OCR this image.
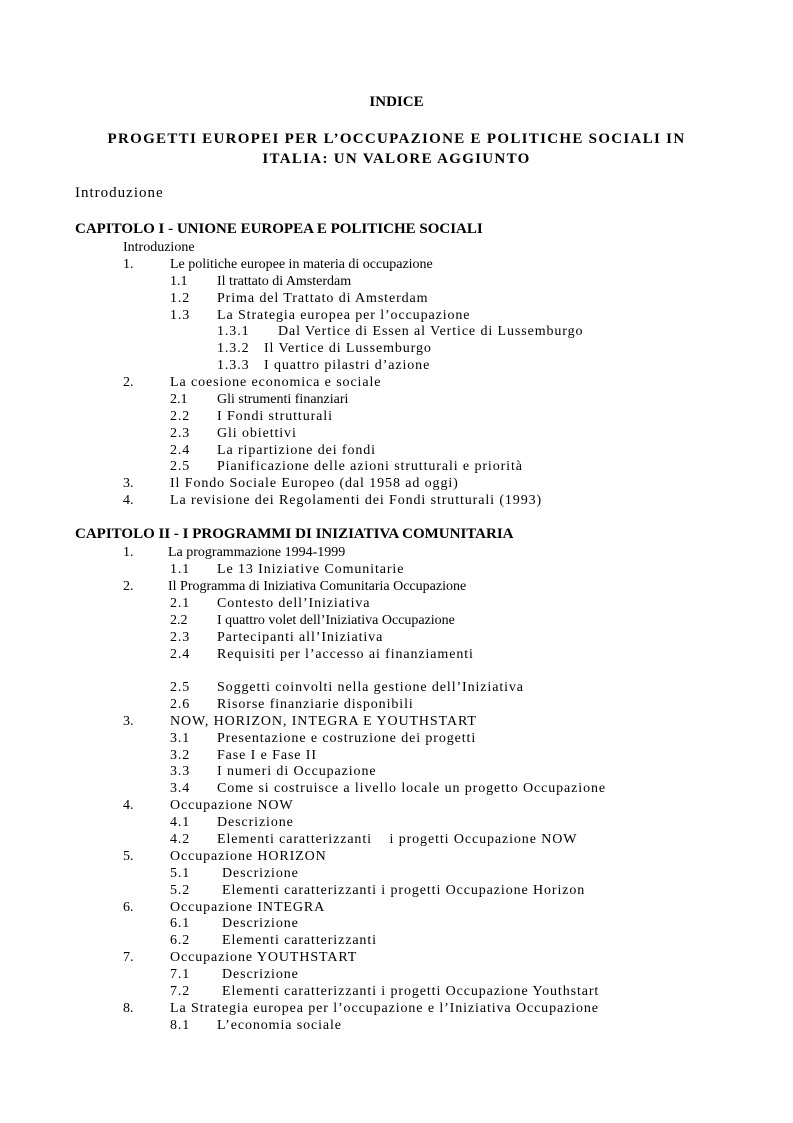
INDICE
PROGETTI EUROPEI PER L’OCCUPAZIONE E POLITICHE SOCIALI IN
ITALIA: UN VALORE AGGIUNTO
Introduzione
CAPITOLO I - UNIONE EUROPEA E POLITICHE SOCIALI
Introduzione
1.	Le politiche europee in materia di occupazione
1.1 Il trattato di Amsterdam
1.2 Prima del Trattato di Amsterdam
1.3 La Strategia europea per l’occupazione
1.3.1 Dal Vertice di Essen al Vertice di Lussemburgo
1.3.2 Il Vertice di Lussemburgo
1.3.3 I quattro pilastri d’azione
2.	La coesione economica e sociale
2.1 Gli strumenti finanziari
2.2 I Fondi strutturali
2.3 Gli obiettivi
2.4 La ripartizione dei fondi
2.5 Pianificazione delle azioni strutturali e priorità
3.	Il Fondo Sociale Europeo (dal 1958 ad oggi)
4.	La revisione dei Regolamenti dei Fondi strutturali (1993)
CAPITOLO II - I PROGRAMMI DI INIZIATIVA COMUNITARIA
1. La programmazione 1994-1999
1.1 Le 13 Iniziative Comunitarie
2. Il Programma di Iniziativa Comunitaria Occupazione
2.1 Contesto dell’Iniziativa
2.2 I quattro volet dell’Iniziativa Occupazione
2.3 Partecipanti all’Iniziativa
2.4 Requisiti per l’accesso ai finanziamenti
2.5 Soggetti coinvolti nella gestione dell’Iniziativa
2.6 Risorse finanziarie disponibili
3.	NOW, HORIZON, INTEGRA E YOUTHSTART
3.1 Presentazione e costruzione dei progetti
3.2 Fase I e Fase II
3.3 I numeri di Occupazione
3.4 Come si costruisce a livello locale un progetto Occupazione
4.	Occupazione NOW
4.1 Descrizione
4.2 Elementi caratterizzanti    i progetti Occupazione NOW
5.	Occupazione HORIZON
5.1 Descrizione
5.2 Elementi caratterizzanti i progetti Occupazione Horizon
6.	Occupazione INTEGRA
6.1 Descrizione
6.2 Elementi caratterizzanti
7.	Occupazione YOUTHSTART
7.1 Descrizione
7.2 Elementi caratterizzanti i progetti Occupazione Youthstart
8.	La Strategia europea per l’occupazione e l’Iniziativa Occupazione
8.1 L’economia sociale
